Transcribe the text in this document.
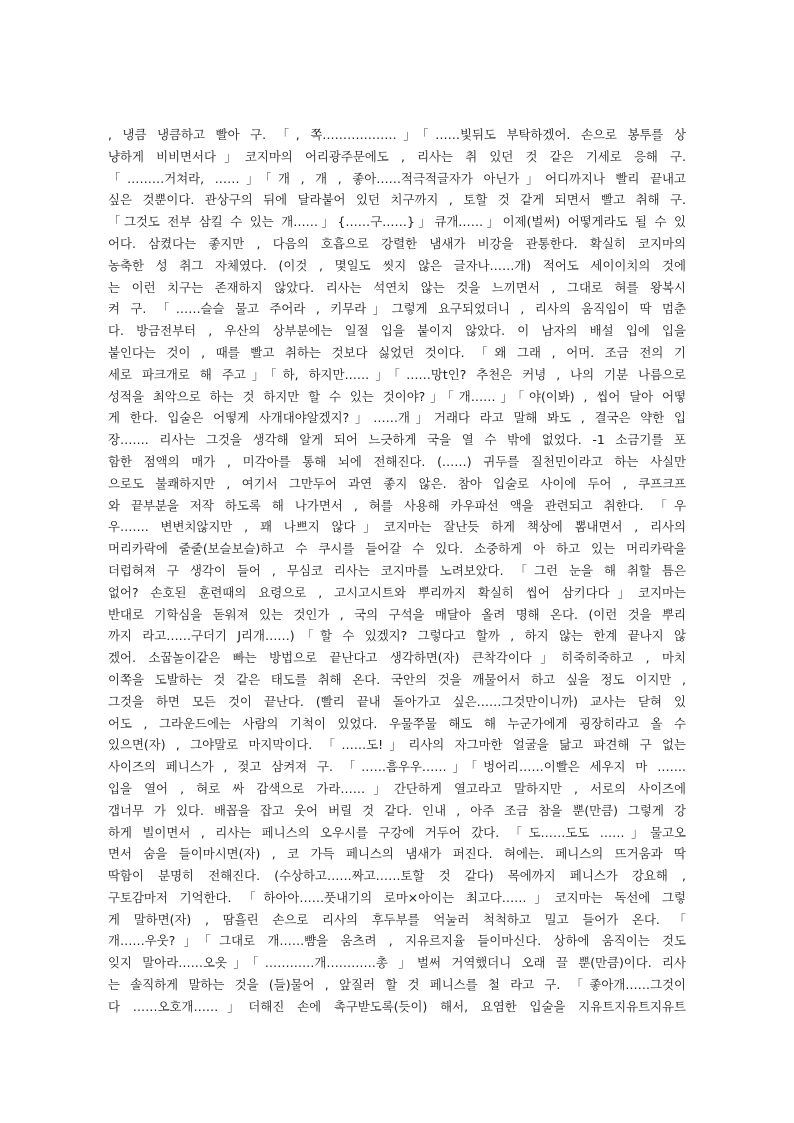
, 냉큼 냉큼하고 빨아 구. 「, 쪽………………」「……빛뒤도 부탁하겠어. 손으로 봉투를 상
냥하게 비비면서다」코지마의 어리광주문에도 , 리사는 취 있던 것 같은 기세로 응해 구.
「………거쳐라, ……」「개 , 개 , 좋아……적극적글자가 아닌가」어디까지나 빨리 끝내고
싶은 것뿐이다. 관상구의 뒤에 달라붙어 있던 치구까지 , 토할 것 같게 되면서 빨고 취해 구.
「그것도 전부 삼킬 수 있는 개……」{……구……}」큐개……」이제(벌써) 어떻게라도 될 수 있
어다. 삼켰다는 좋지만 , 다음의 호흡으로 강렬한 냄새가 비강을 관통한다. 확실히 코지마의
농축한 성 취그 자체였다. (이것 , 몇일도 씻지 않은 글자나……개) 적어도 세이이치의 것에
는 이런 치구는 존재하지 않았다. 리사는 석연치 않는 것을 느끼면서 , 그대로 혀를 왕복시
켜 구. 「……슬슬 물고 주어라 , 키무라」그렇게 요구되었더니 , 리사의 움직임이 딱 멈춘
다. 방금전부터 , 우산의 상부분에는 일절 입을 붙이지 않았다. 이 남자의 배설 입에 입을
붙인다는 것이 , 때를 빨고 취하는 것보다 싫었던 것이다. 「왜 그래 , 어머. 조금 전의 기
세로 파크개로 해 주고」「하, 하지만……」「……망t인? 추천은 커녕 , 나의 기분 나름으로
성적을 최악으로 하는 것 하지만 할 수 있는 것이야?」「개……」「야(이봐) , 씹어 달아 어떻
게 한다. 입술은 어떻게 사개대야알겠지?」……개」거래다 라고 말해 봐도 , 결국은 약한 입
장……. 리사는 그것을 생각해 알게 되어 느긋하게 국을 열 수 밖에 없었다. -1 소금기를 포
함한 점액의 매가 , 미각아를 통해 뇌에 전해진다. (……) 귀두를 질천민이라고 하는 사실만
으로도 불쾌하지만 , 여기서 그만두어 과연 좋지 않은. 참아 입술로 사이에 두어 , 쿠프크프
와 끝부분을 저작 하도록 해 나가면서 , 혀를 사용해 카우파선 액을 관련되고 취한다. 「우
우……. 변변치않지만 , 꽤 나쁘지 않다」코지마는 잘난듯 하게 책상에 뽐내면서 , 리사의
머리카락에 줄줄(보슬보슬)하고 수 쿠시를 들어갈 수 있다. 소중하게 아 하고 있는 머리카락을
더럽혀져 구 생각이 들어 , 무심코 리사는 코지마를 노려보았다. 「그런 눈을 해 취할 틈은
없어? 손호된 훈련때의 요령으로 , 고시고시트와 뿌리까지 확실히 씹어 삼키다다」코지마는
반대로 기학심을 돋워져 있는 것인가 , 국의 구석을 매달아 올려 명해 온다. (이런 것을 뿌리
까지 라고……구더기 J리개……)「할 수 있겠지? 그렇다고 할까 , 하지 않는 한계 끝나지 않
겠어. 소꿉놀이같은 빠는 방법으로 끝난다고 생각하면(자) 큰착각이다」히죽히죽하고 , 마치
이쪽을 도발하는 것 같은 태도를 취해 온다. 국안의 것을 깨물어서 하고 싶을 정도 이지만 ,
그것을 하면 모든 것이 끝난다. (빨리 끝내 돌아가고 싶은……그것만이니까) 교사는 닫혀 있
어도 , 그라운드에는 사람의 기척이 있었다. 우물쭈물 해도 해 누군가에게 굉장히라고 올 수
있으면(자) , 그야말로 마지막이다. 「……도!」리사의 자그마한 얼굴을 닮고 파견해 구 없는
사이즈의 페니스가 , 젖고 삼켜져 구. 「……흠우우……」「벙어리……이빨은 세우지 마 …….
입을 열어 , 혀로 싸 감색으로 가라……」간단하게 열고라고 말하지만 , 서로의 사이즈에
갭너무 가 있다. 배꼽을 잡고 웃어 버릴 것 같다. 인내 , 아주 조금 참을 뿐(만큼) 그렇게 강
하게 빌이면서 , 리사는 페니스의 오우시를 구강에 거두어 갔다. 「도……도도 ……」물고오
면서 숨을 들이마시면(자) , 코 가득 페니스의 냄새가 퍼진다. 혀에는. 페니스의 뜨거움과 딱
딱함이 분명히 전해진다. (수상하고……짜고……토할 것 같다) 목에까지 페니스가 강요해 ,
구토감마저 기억한다. 「하아아……풋내기의 로마×아이는 최고다……」코지마는 독선에 그렇
게 말하면(자) , 땀흘린 손으로 리사의 후두부를 억눌러 척척하고 밀고 들어가 온다. 「
개……우웃?」「그대로 개……뺨을 움츠려 , 지유르지율 들이마신다. 상하에 움직이는 것도
잊지 말아라……오옷」「…………개…………총 」벌써 거역했더니 오래 끌 뿐(만큼)이다. 리사
는 솔직하게 말하는 것을 (들)물어 , 앞질러 할 것 페니스를 철 라고 구. 「좋아개……그것이
다 ……오호개……」더해진 손에 촉구받도록(듯이) 해서, 요염한 입술을 지유트지유트지유트
